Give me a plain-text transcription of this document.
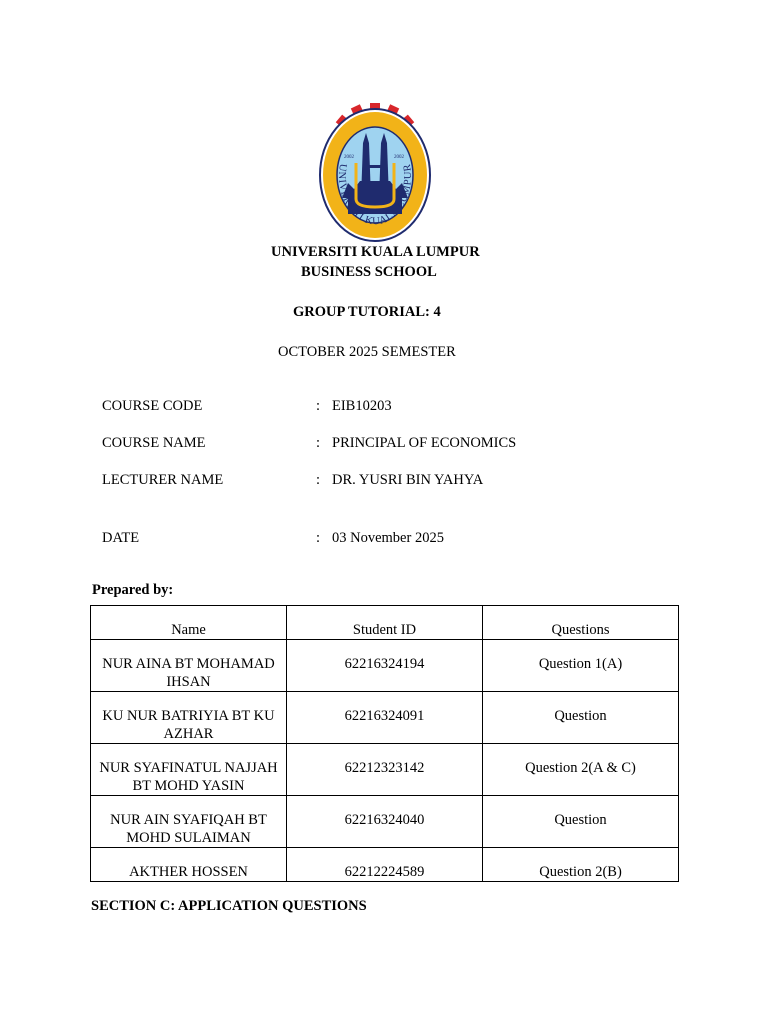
2002	2002
UNIVERSITI KUALA LUMPUR
UNIVERSITI KUALA LUMPUR
BUSINESS SCHOOL
GROUP TUTORIAL: 4
OCTOBER 2025 SEMESTER
COURSE CODE	: EIB10203
COURSE NAME	: PRINCIPAL OF ECONOMICS
LECTURER NAME	: DR. YUSRI BIN YAHYA
DATE	: 03 November 2025
Prepared by:
Name	Student ID	Questions
NUR AINA BT MOHAMAD IHSAN	62216324194	Question 1(A)
KU NUR BATRIYIA BT KU AZHAR	62216324091	Question
NUR SYAFINATUL NAJJAH BT MOHD YASIN	62212323142	Question 2(A & C)
NUR AIN SYAFIQAH BT MOHD SULAIMAN	62216324040	Question
AKTHER HOSSEN	62212224589	Question 2(B)
SECTION C: APPLICATION QUESTIONS
